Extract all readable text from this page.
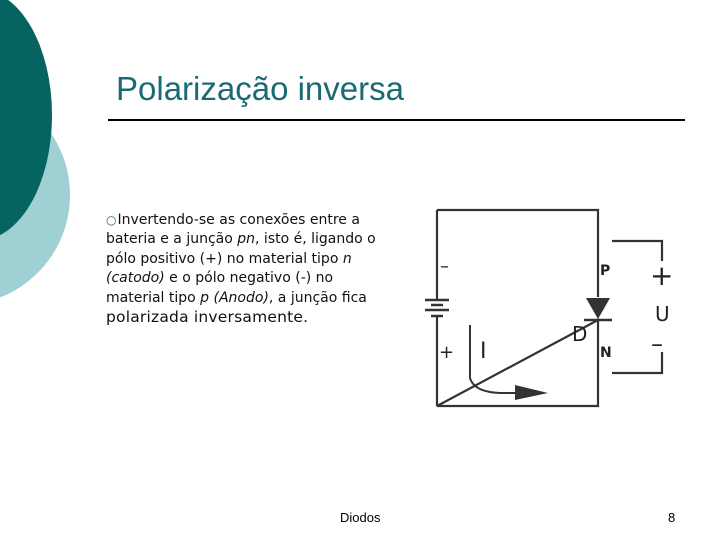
Polarização inversa
○Invertendo-se as conexões entre a bateria e a junção pn, isto é, ligando o pólo positivo (+) no material tipo n (catodo) e o pólo negativo (-) no material tipo p (Anodo), a junção fica polarizada inversamente.
–
+ I
D
P
N
+
U
–
Diodos	8
